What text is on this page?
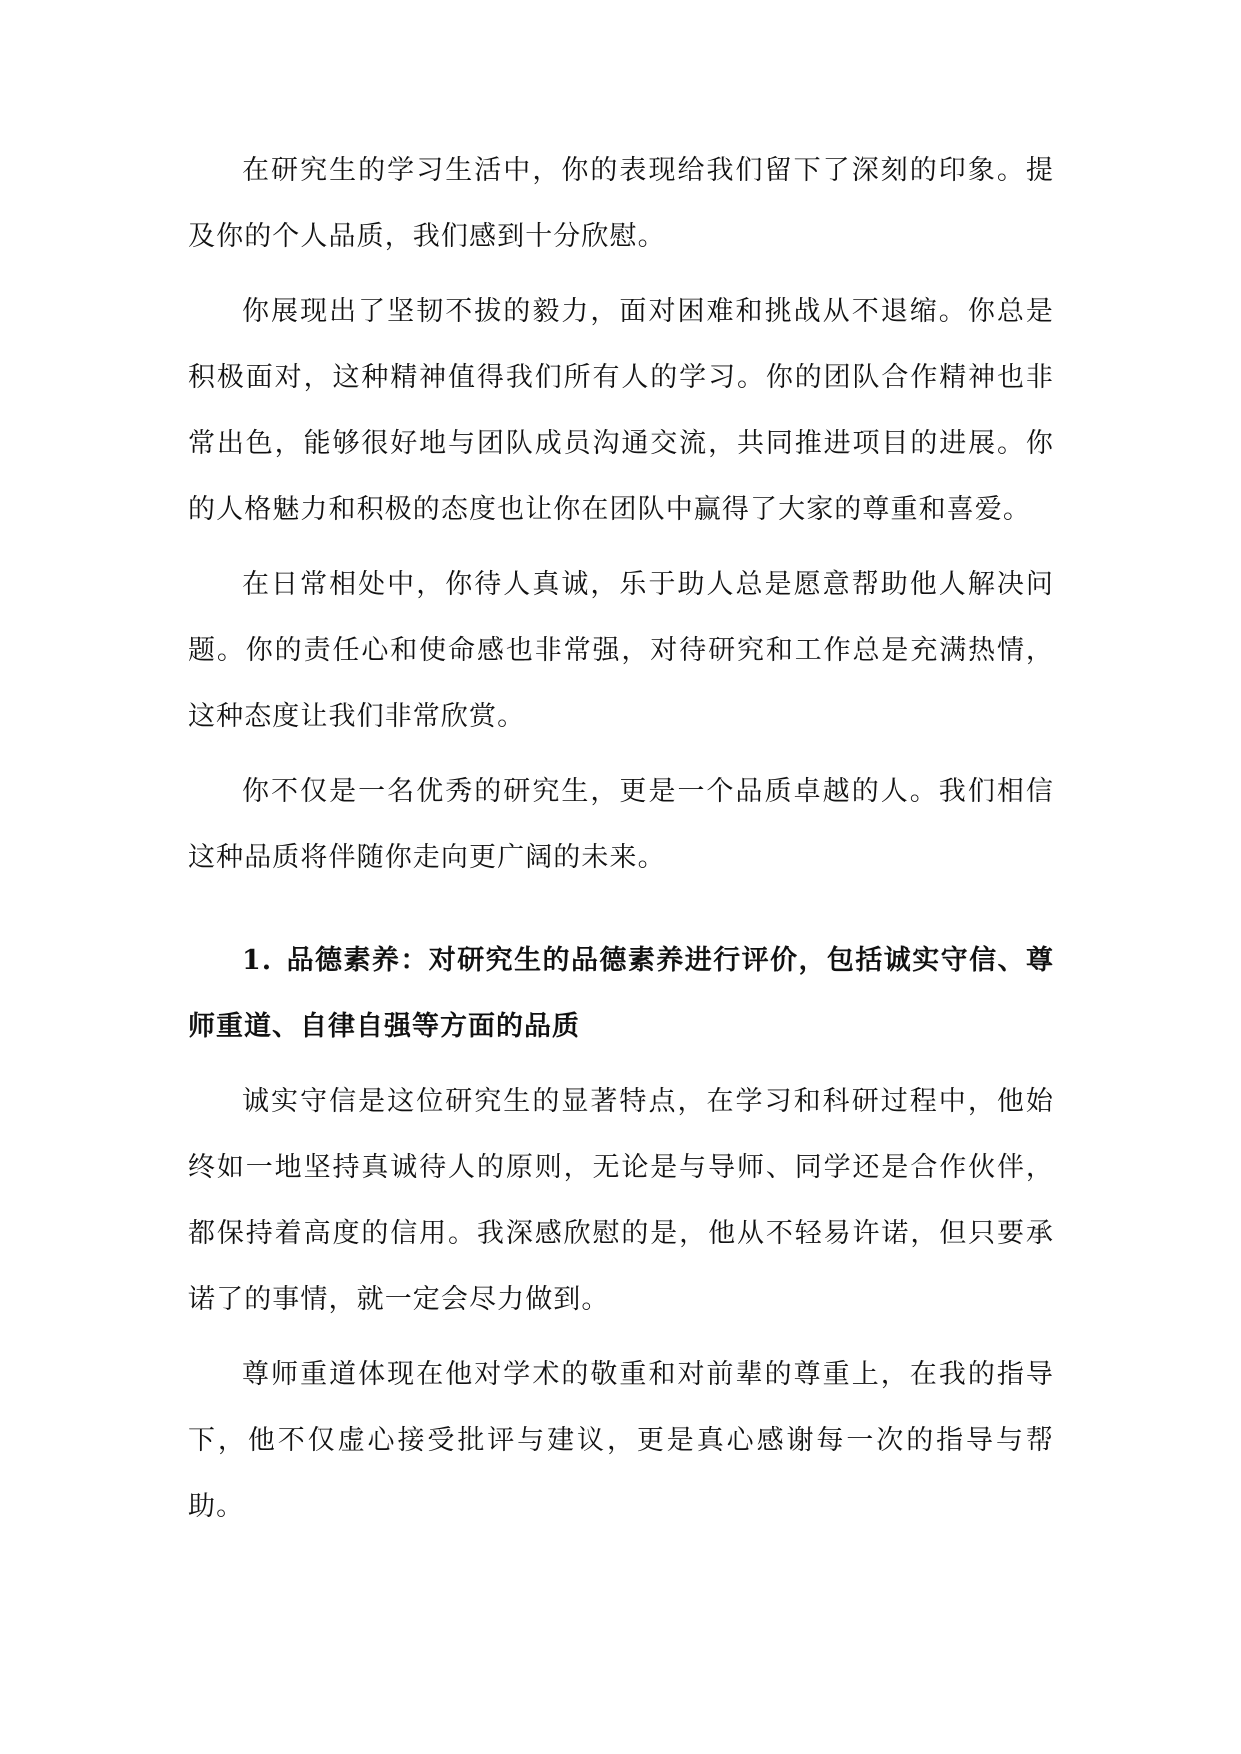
在研究生的学习生活中，你的表现给我们留下了深刻的印象。提及你的个人品质，我们感到十分欣慰。

你展现出了坚韧不拔的毅力，面对困难和挑战从不退缩。你总是积极面对，这种精神值得我们所有人的学习。你的团队合作精神也非常出色，能够很好地与团队成员沟通交流，共同推进项目的进展。你的人格魅力和积极的态度也让你在团队中赢得了大家的尊重和喜爱。

在日常相处中，你待人真诚，乐于助人总是愿意帮助他人解决问题。你的责任心和使命感也非常强，对待研究和工作总是充满热情，这种态度让我们非常欣赏。

你不仅是一名优秀的研究生，更是一个品质卓越的人。我们相信这种品质将伴随你走向更广阔的未来。

1. 品德素养：对研究生的品德素养进行评价，包括诚实守信、尊师重道、自律自强等方面的品质

诚实守信是这位研究生的显著特点，在学习和科研过程中，他始终如一地坚持真诚待人的原则，无论是与导师、同学还是合作伙伴，都保持着高度的信用。我深感欣慰的是，他从不轻易许诺，但只要承诺了的事情，就一定会尽力做到。

尊师重道体现在他对学术的敬重和对前辈的尊重上，在我的指导下，他不仅虚心接受批评与建议，更是真心感谢每一次的指导与帮助。
